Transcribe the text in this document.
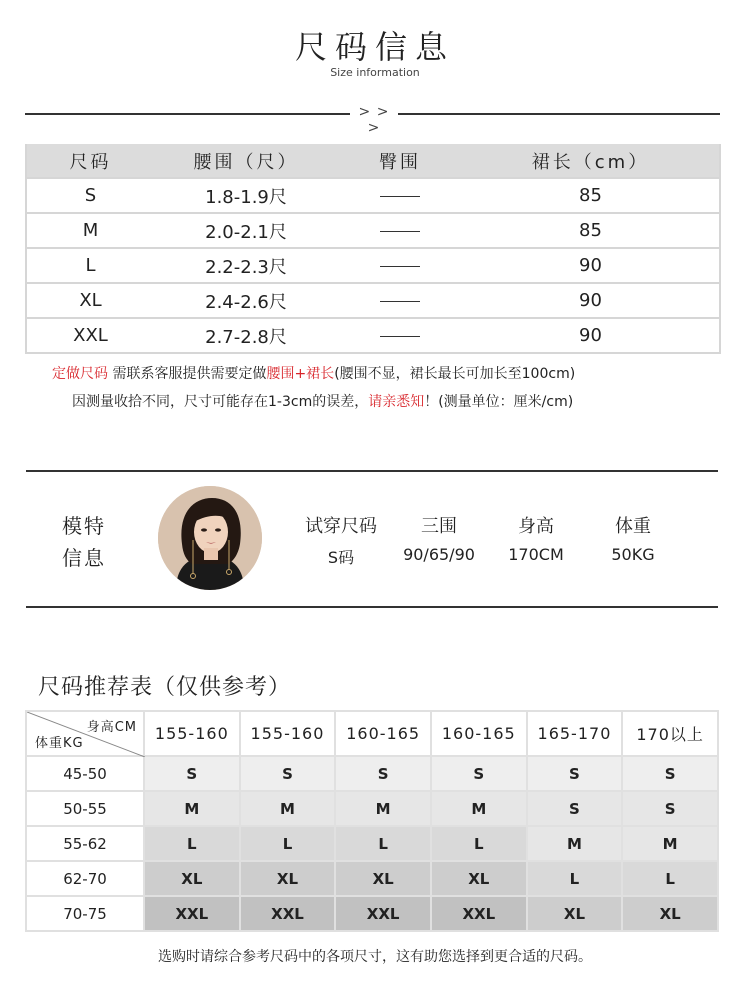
尺码信息
Size information
> > >
尺码	腰围（尺）	臀围	裙长（cm）
S	1.8-1.9尺		85
M	2.0-2.1尺		85
L	2.2-2.3尺		90
XL	2.4-2.6尺		90
XXL	2.7-2.8尺		90
定做尺码 需联系客服提供需要定做腰围+裙长(腰围不显，裙长最长可加长至100cm)
因测量收拾不同，尺寸可能存在1-3cm的误差，请亲悉知！(测量单位：厘米/cm)
模特
信息
试穿尺码	三围	身高	体重
S码	90/65/90	170CM	50KG
尺码推荐表（仅供参考）
身高CM
体重KG	155-160	155-160	160-165	160-165	165-170	170以上
45-50	S	S	S	S	S	S
50-55	M	M	M	M	S	S
55-62	L	L	L	L	M	M
62-70	XL	XL	XL	XL	L	L
70-75	XXL	XXL	XXL	XXL	XL	XL
选购时请综合参考尺码中的各项尺寸，这有助您选择到更合适的尺码。
